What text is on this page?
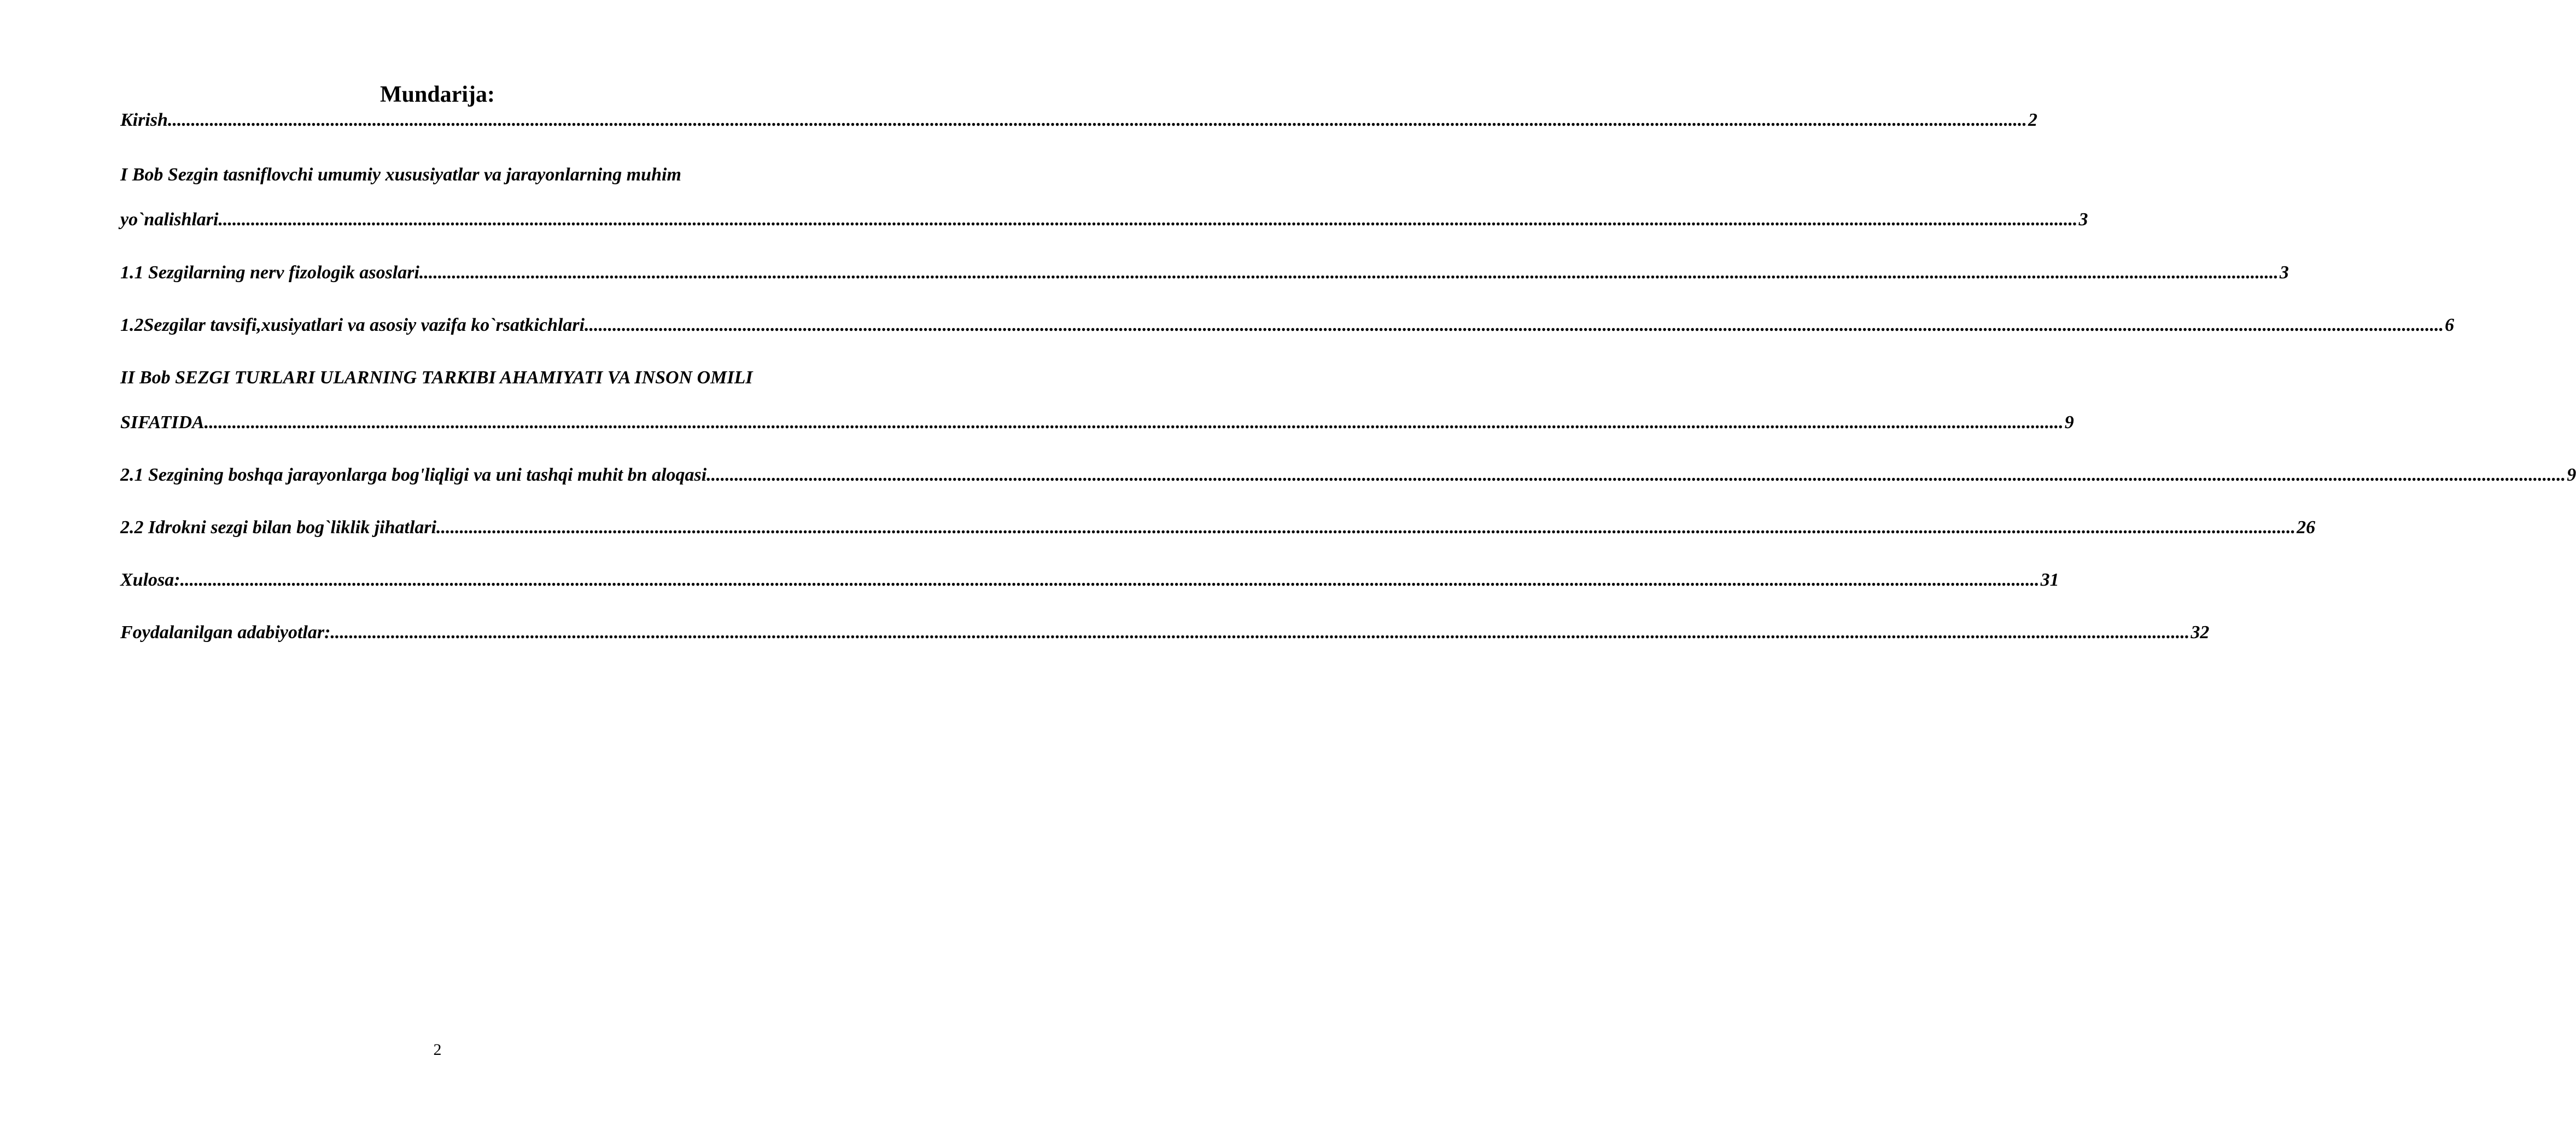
Mundarija:
Kirish ................................................................................................................................................................................................................................................................................................................................................................................................................ 2
I Bob Sezgin tasniflovchi umumiy xususiyatlar va jarayonlarning muhim
yo`nalishlari ................................................................................................................................................................................................................................................................................................................................................................................................................ 3
1.1 Sezgilarning nerv fizologik asoslari ................................................................................................................................................................................................................................................................................................................................................................................................................ 3
1.2Sezgilar tavsifi,xusiyatlari va asosiy vazifa ko`rsatkichlari ................................................................................................................................................................................................................................................................................................................................................................................................................ 6
II Bob SEZGI TURLARI ULARNING TARKIBI AHAMIYATI VA INSON OMILI
SIFATIDA ................................................................................................................................................................................................................................................................................................................................................................................................................ 9
2.1 Sezgining boshqa jarayonlarga bog'liqligi va uni tashqi muhit bn aloqasi ................................................................................................................................................................................................................................................................................................................................................................................................................ 9
2.2 Idrokni sezgi bilan bog`liklik jihatlari ................................................................................................................................................................................................................................................................................................................................................................................................................ 26
Xulosa: ................................................................................................................................................................................................................................................................................................................................................................................................................ 31
Foydalanilgan adabiyotlar: ................................................................................................................................................................................................................................................................................................................................................................................................................ 32
2
